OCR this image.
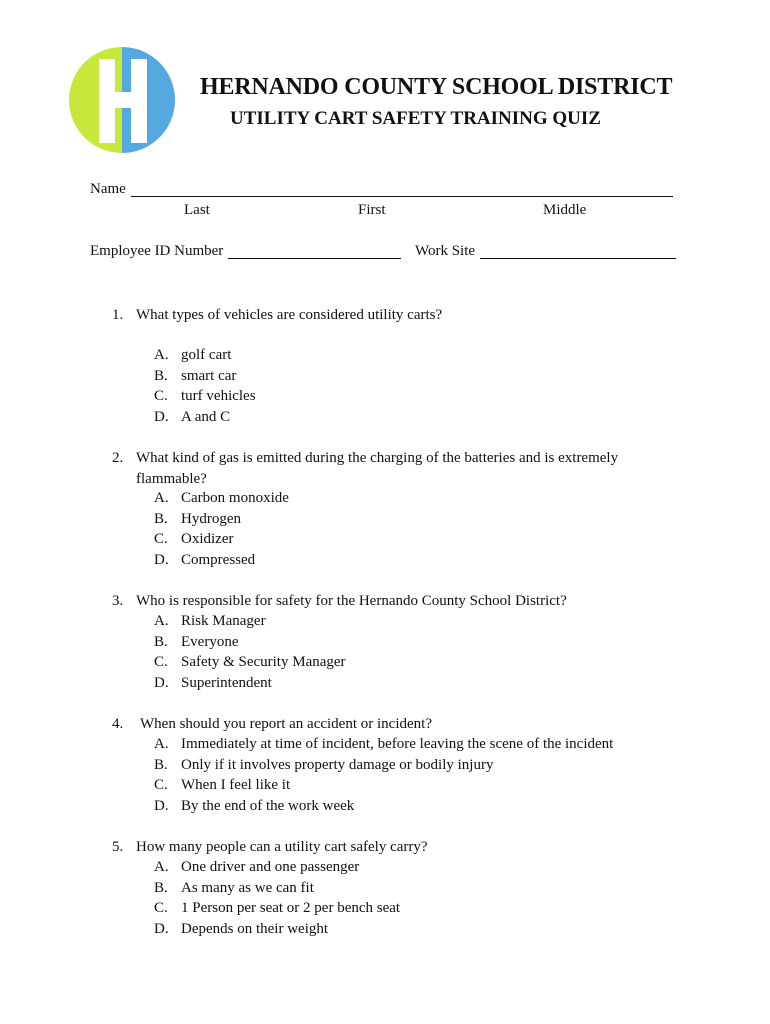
HERNANDO COUNTY SCHOOL DISTRICT
UTILITY CART SAFETY TRAINING QUIZ
Name
Last	First	Middle
Employee ID Number	Work Site
1. What types of vehicles are considered utility carts?
A. golf cart
B. smart car
C. turf vehicles
D. A and C
2. What kind of gas is emitted during the charging of the batteries and is extremely flammable?
A. Carbon monoxide
B. Hydrogen
C. Oxidizer
D. Compressed
3. Who is responsible for safety for the Hernando County School District?
A. Risk Manager
B. Everyone
C. Safety & Security Manager
D. Superintendent
4. When should you report an accident or incident?
A. Immediately at time of incident, before leaving the scene of the incident
B. Only if it involves property damage or bodily injury
C. When I feel like it
D. By the end of the work week
5. How many people can a utility cart safely carry?
A. One driver and one passenger
B. As many as we can fit
C. 1 Person per seat or 2 per bench seat
D. Depends on their weight
